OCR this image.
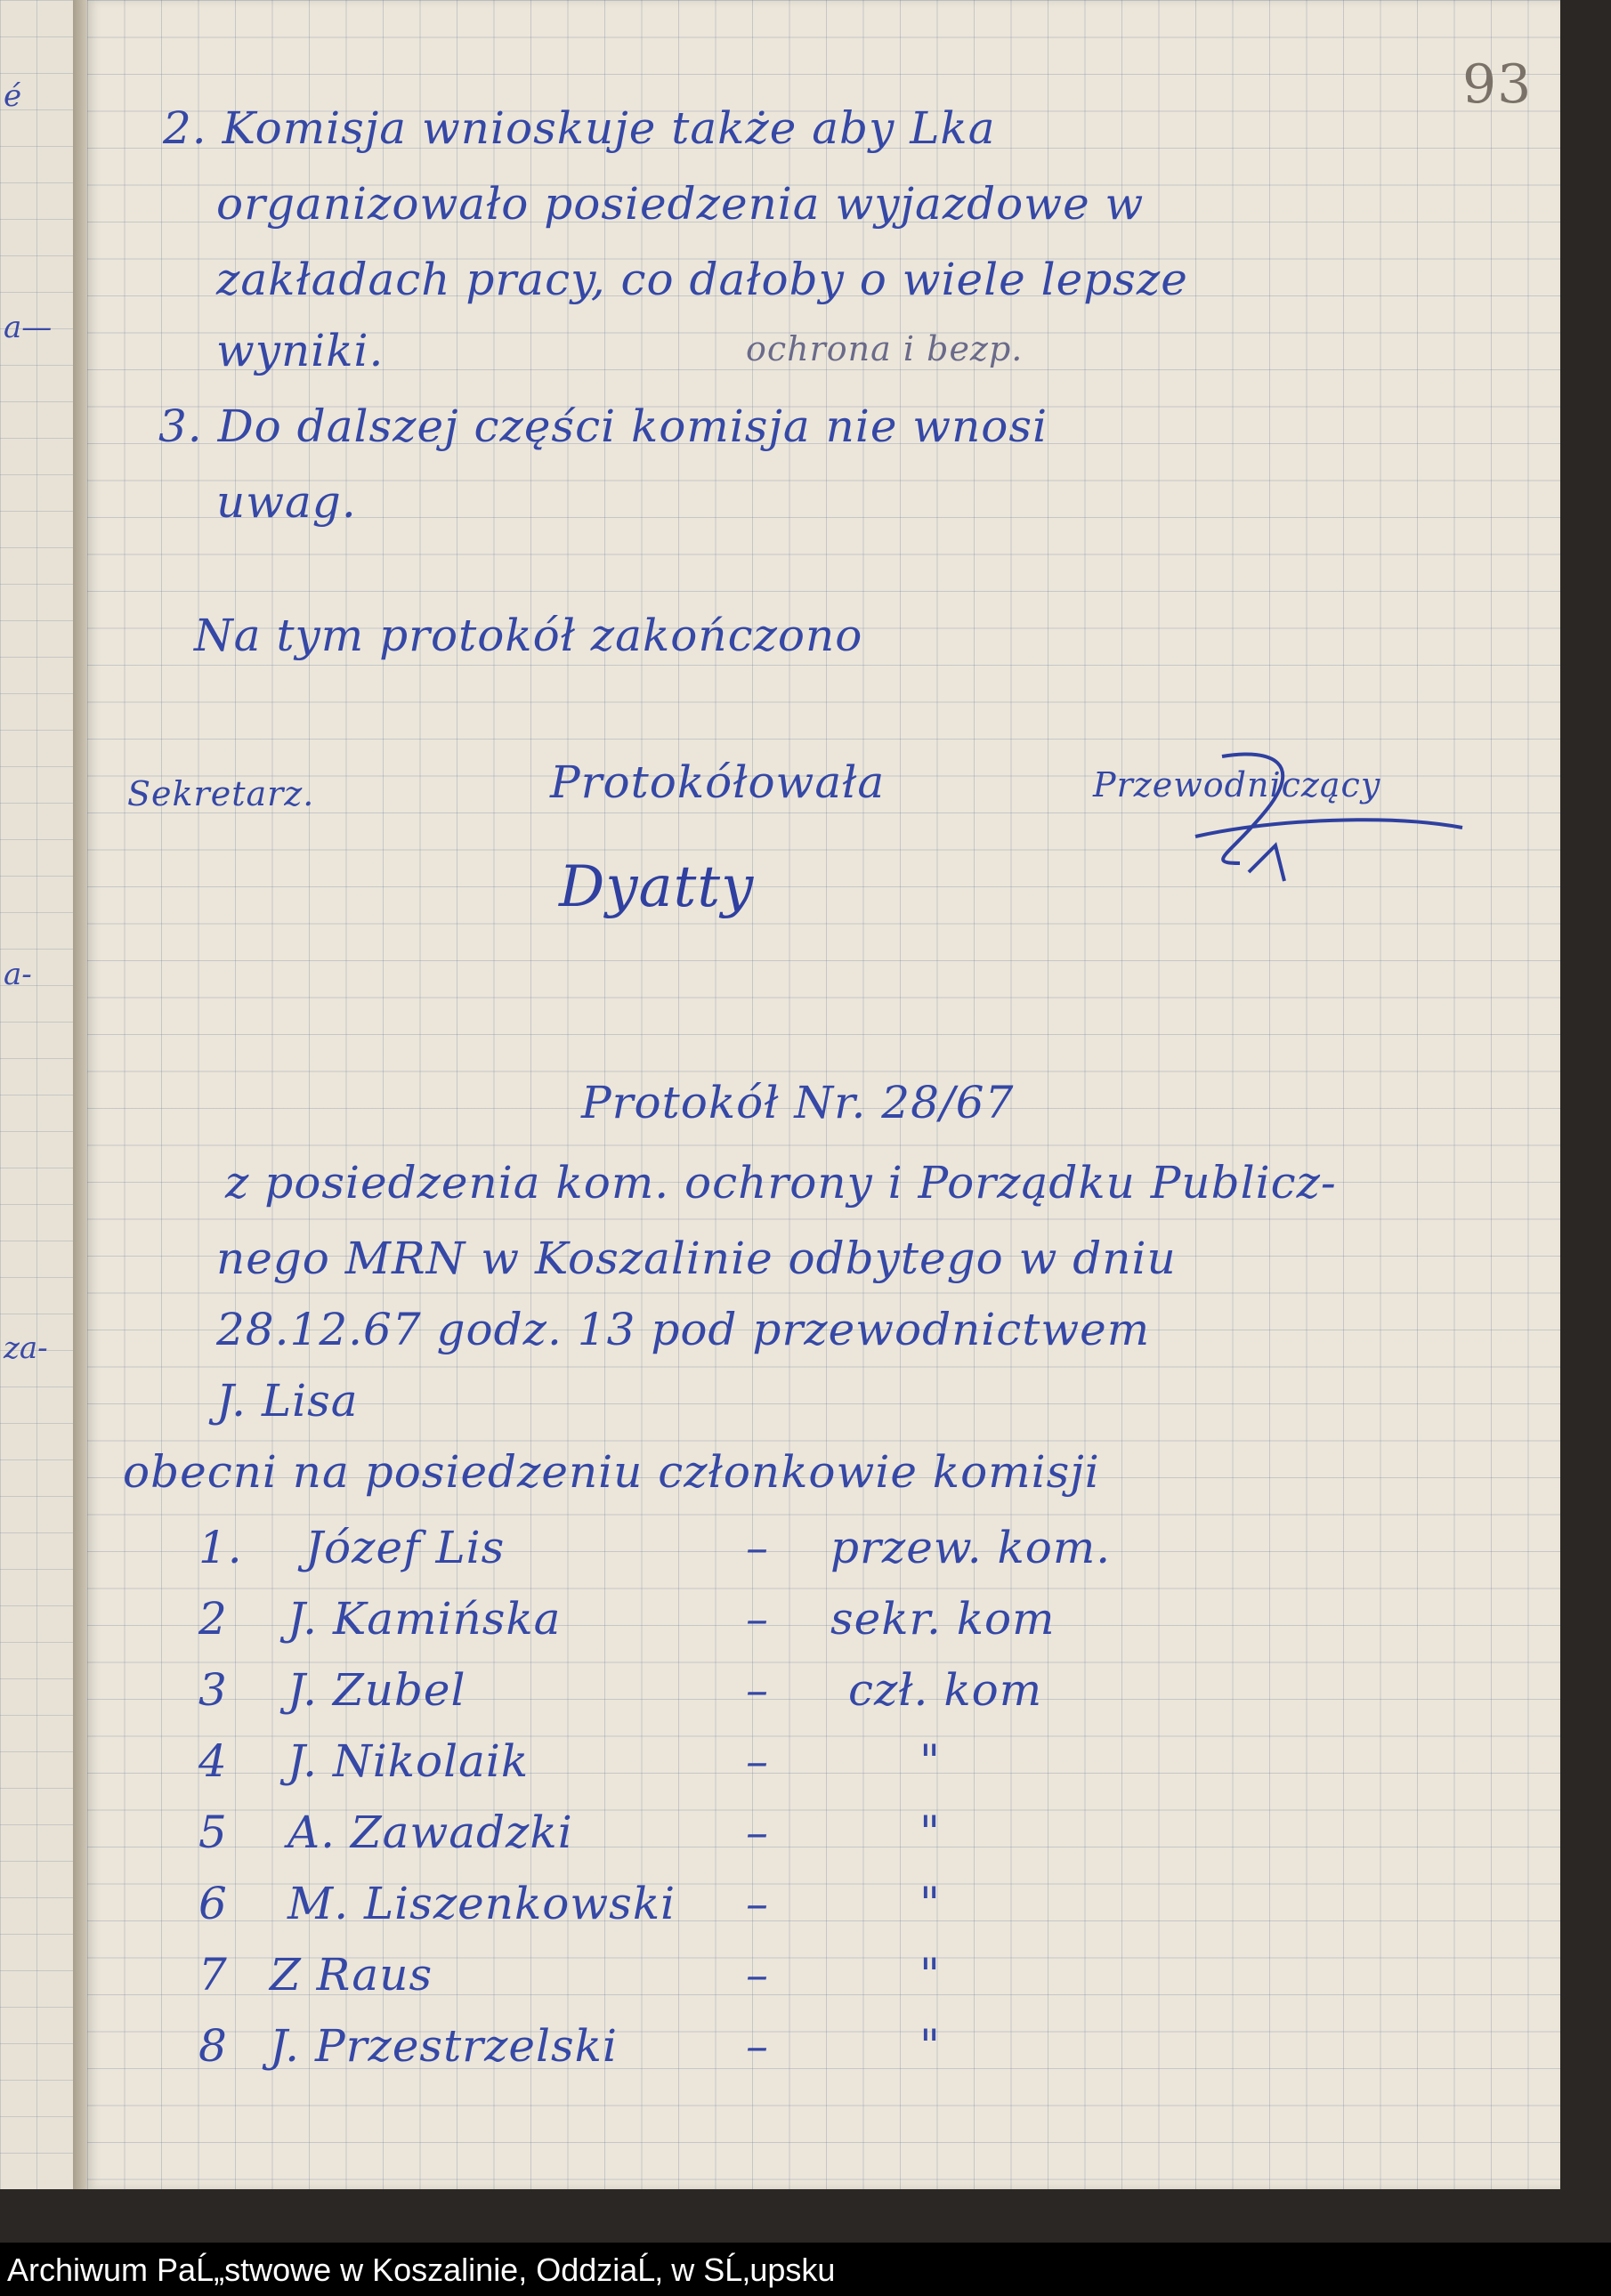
é
a—
a-
za-
93
2. Komisja wnioskuje także aby Lka
organizowało posiedzenia wyjazdowe w
zakładach pracy, co dałoby o wiele lepsze
wyniki.	ochrona i bezp.
3. Do dalszej części komisja nie wnosi
uwag.
Na tym protokół zakończono
Sekretarz.	Protokółowała
Dyatty
Przewodniczący
Protokół Nr. 28/67
z posiedzenia kom. ochrony i Porządku Publicz-
nego MRN w Koszalinie odbytego w dniu
28.12.67 godz. 13 pod przewodnictwem
J. Lisa
obecni na posiedzeniu członkowie komisji
1. Józef Lis	– przew. kom.
2 J. Kamińska	– sekr. kom
3 J. Zubel	– czł. kom
4 J. Nikolaik	–	"
5 A. Zawadzki	–	"
6 M. Liszenkowski –	"
7 Z Raus	–	"
8 J. Przestrzelski	–	"
Archiwum PaĹ„stwowe w Koszalinie, OddziaĹ‚ w SĹ‚upsku
